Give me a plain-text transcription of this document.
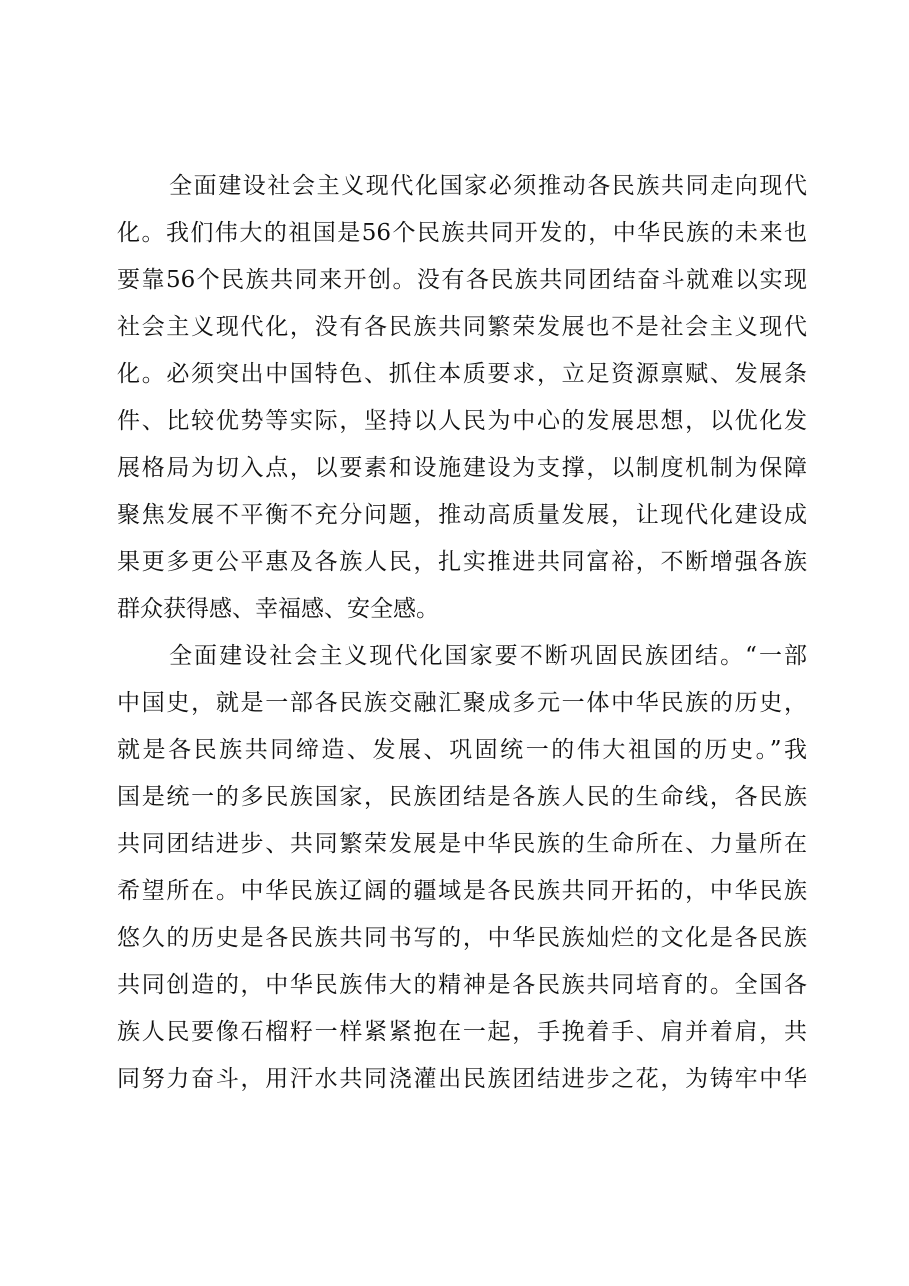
全面建设社会主义现代化国家必须推动各民族共同走向现代
化。我们伟大的祖国是56个民族共同开发的，中华民族的未来也
要靠56个民族共同来开创。没有各民族共同团结奋斗就难以实现
社会主义现代化，没有各民族共同繁荣发展也不是社会主义现代
化。必须突出中国特色、抓住本质要求，立足资源禀赋、发展条
件、比较优势等实际，坚持以人民为中心的发展思想，以优化发
展格局为切入点，以要素和设施建设为支撑，以制度机制为保障
聚焦发展不平衡不充分问题，推动高质量发展，让现代化建设成
果更多更公平惠及各族人民，扎实推进共同富裕，不断增强各族
群众获得感、幸福感、安全感。
全面建设社会主义现代化国家要不断巩固民族团结。“一部
中国史，就是一部各民族交融汇聚成多元一体中华民族的历史，
就是各民族共同缔造、发展、巩固统一的伟大祖国的历史。”我
国是统一的多民族国家，民族团结是各族人民的生命线，各民族
共同团结进步、共同繁荣发展是中华民族的生命所在、力量所在
希望所在。中华民族辽阔的疆域是各民族共同开拓的，中华民族
悠久的历史是各民族共同书写的，中华民族灿烂的文化是各民族
共同创造的，中华民族伟大的精神是各民族共同培育的。全国各
族人民要像石榴籽一样紧紧抱在一起，手挽着手、肩并着肩，共
同努力奋斗，用汗水共同浇灌出民族团结进步之花，为铸牢中华
